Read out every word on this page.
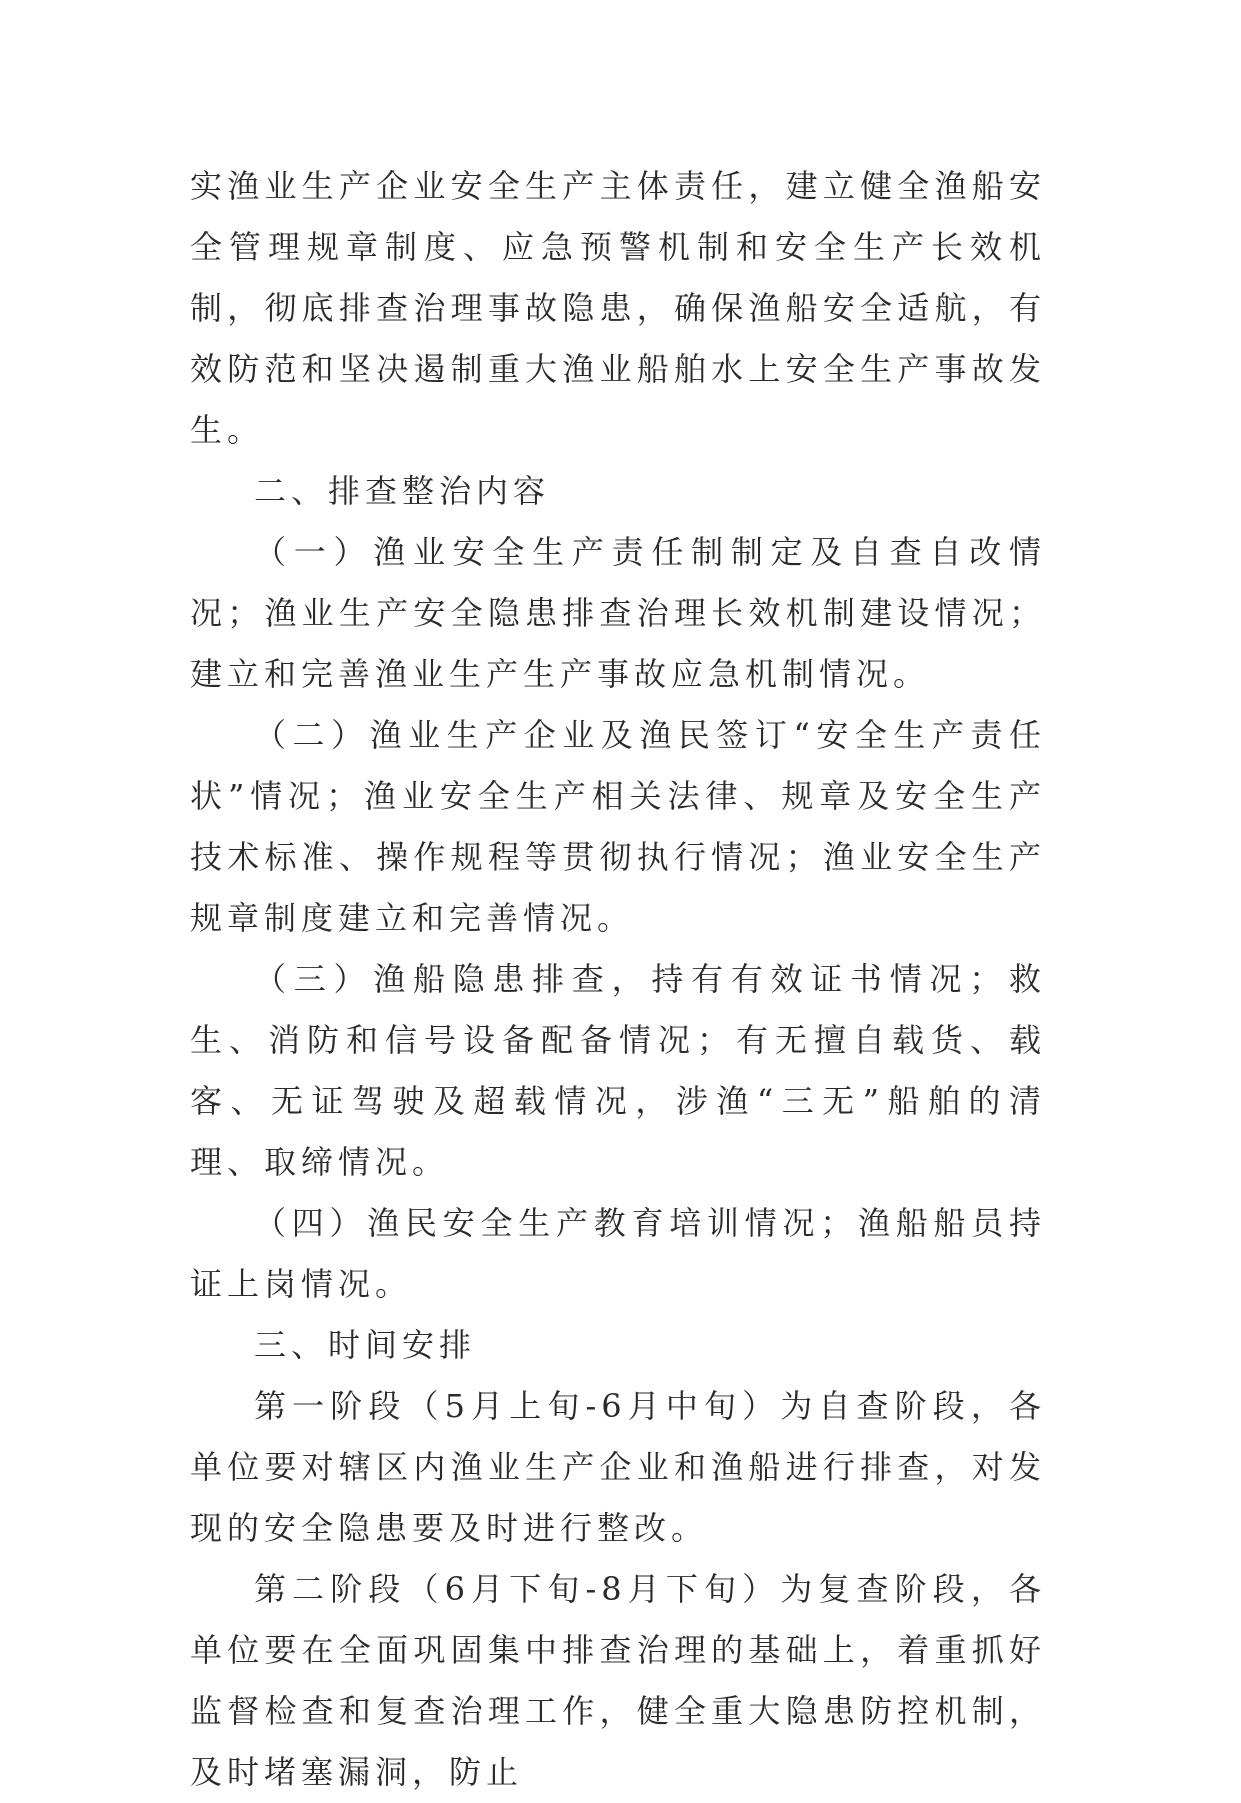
实渔业生产企业安全生产主体责任，建立健全渔船安全管理规章制度、应急预警机制和安全生产长效机制，彻底排查治理事故隐患，确保渔船安全适航，有效防范和坚决遏制重大渔业船舶水上安全生产事故发生。

二、排查整治内容

（一）渔业安全生产责任制制定及自查自改情况；渔业生产安全隐患排查治理长效机制建设情况；建立和完善渔业生产生产事故应急机制情况。

（二）渔业生产企业及渔民签订“安全生产责任状”情况；渔业安全生产相关法律、规章及安全生产技术标准、操作规程等贯彻执行情况；渔业安全生产规章制度建立和完善情况。

（三）渔船隐患排查，持有有效证书情况；救生、消防和信号设备配备情况；有无擅自载货、载客、无证驾驶及超载情况，涉渔“三无”船舶的清理、取缔情况。

（四）渔民安全生产教育培训情况；渔船船员持证上岗情况。

三、时间安排

第一阶段（5月上旬-6月中旬）为自查阶段，各单位要对辖区内渔业生产企业和渔船进行排查，对发现的安全隐患要及时进行整改。

第二阶段（6月下旬-8月下旬）为复查阶段，各单位要在全面巩固集中排查治理的基础上，着重抓好监督检查和复查治理工作，健全重大隐患防控机制，及时堵塞漏洞，防止
